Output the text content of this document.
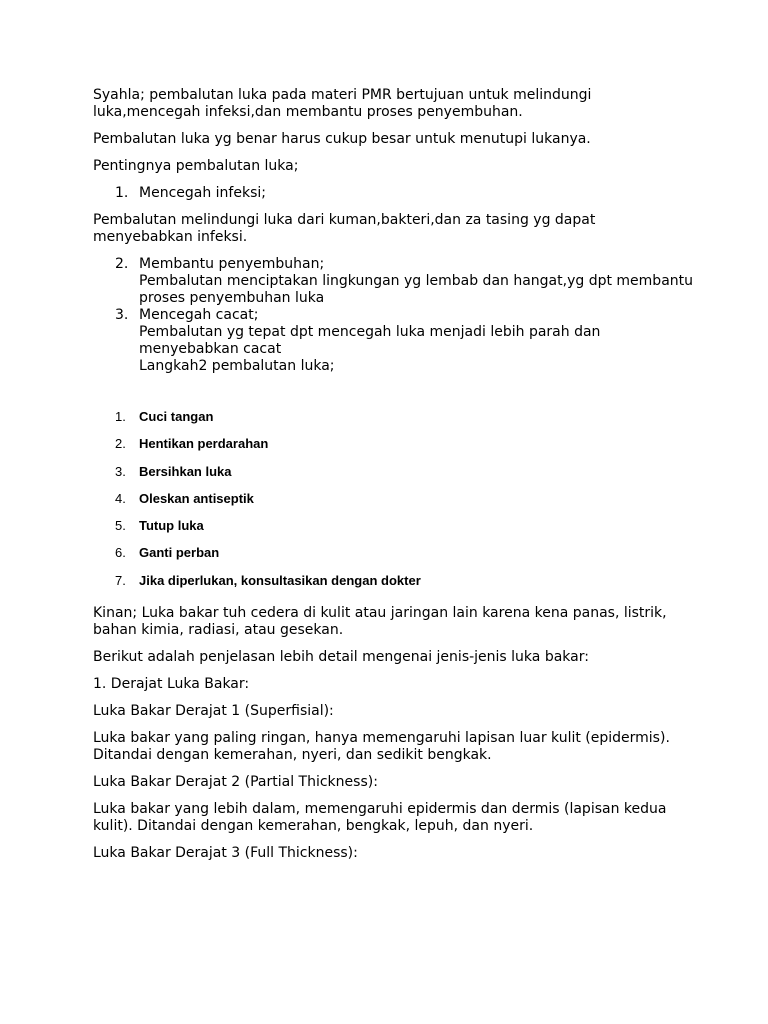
Syahla; pembalutan luka pada materi PMR bertujuan untuk melindungi luka,mencegah infeksi,dan membantu proses penyembuhan.

Pembalutan luka yg benar harus cukup besar untuk menutupi lukanya.

Pentingnya pembalutan luka;

1. Mencegah infeksi;

Pembalutan melindungi luka dari kuman,bakteri,dan za tasing yg dapat menyebabkan infeksi.

2. Membantu penyembuhan;

Pembalutan menciptakan lingkungan yg lembab dan hangat,yg dpt membantu proses penyembuhan luka

3. Mencegah cacat;

Pembalutan yg tepat dpt mencegah luka menjadi lebih parah dan menyebabkan cacat

Langkah2 pembalutan luka;

1. Cuci tangan
2. Hentikan perdarahan
3. Bersihkan luka
4. Oleskan antiseptik
5. Tutup luka
6. Ganti perban
7. Jika diperlukan, konsultasikan dengan dokter

Kinan; Luka bakar tuh cedera di kulit atau jaringan lain karena kena panas, listrik, bahan kimia, radiasi, atau gesekan.

Berikut adalah penjelasan lebih detail mengenai jenis-jenis luka bakar:

1. Derajat Luka Bakar:

Luka Bakar Derajat 1 (Superfisial):

Luka bakar yang paling ringan, hanya memengaruhi lapisan luar kulit (epidermis). Ditandai dengan kemerahan, nyeri, dan sedikit bengkak.

Luka Bakar Derajat 2 (Partial Thickness):

Luka bakar yang lebih dalam, memengaruhi epidermis dan dermis (lapisan kedua kulit). Ditandai dengan kemerahan, bengkak, lepuh, dan nyeri.

Luka Bakar Derajat 3 (Full Thickness):
